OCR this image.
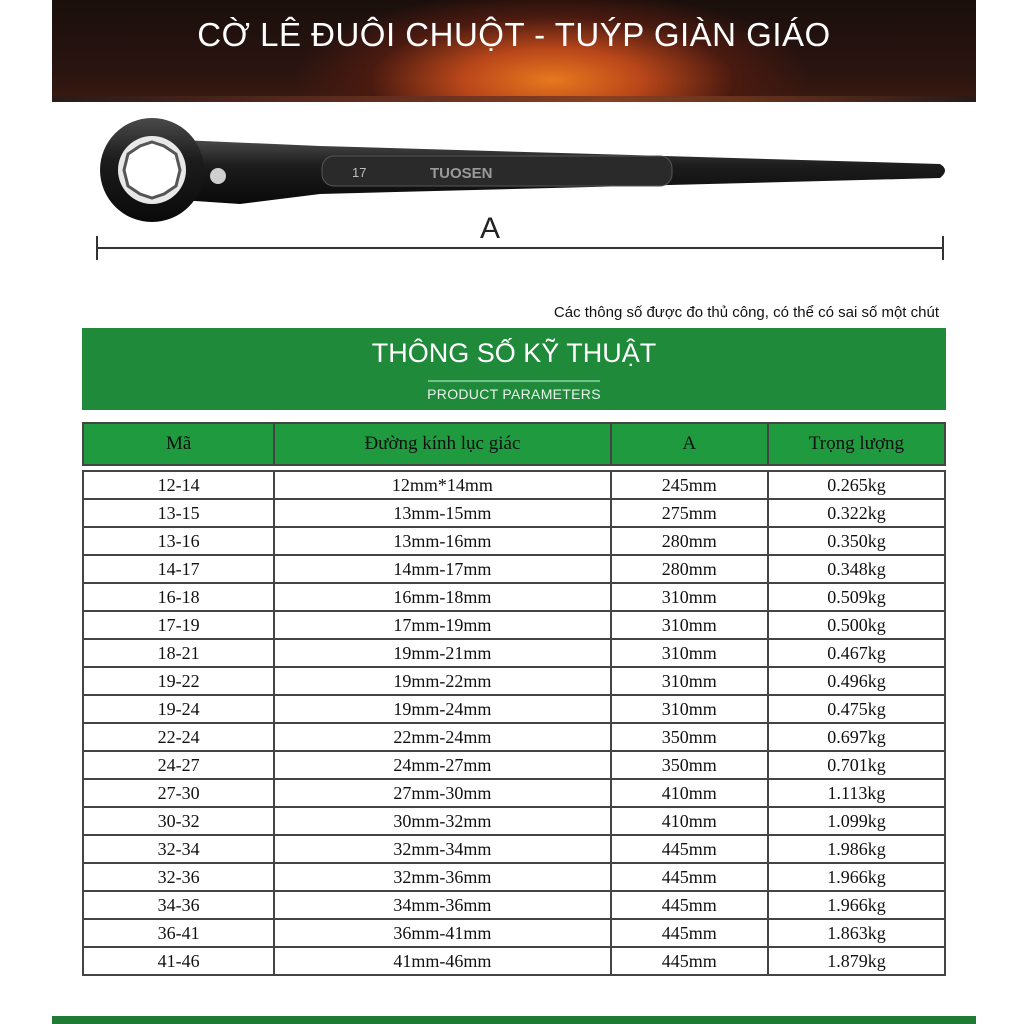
CỜ LÊ ĐUÔI CHUỘT - TUÝP GIÀN GIÁO
17	TUOSEN
A
Các thông số được đo thủ công, có thể có sai số một chút
THÔNG SỐ KỸ THUẬT
PRODUCT PARAMETERS
Mã	Đường kính lục giác	A	Trọng lượng

12-14	12mm*14mm	245mm	0.265kg
13-15	13mm-15mm	275mm	0.322kg
13-16	13mm-16mm	280mm	0.350kg
14-17	14mm-17mm	280mm	0.348kg
16-18	16mm-18mm	310mm	0.509kg
17-19	17mm-19mm	310mm	0.500kg
18-21	19mm-21mm	310mm	0.467kg
19-22	19mm-22mm	310mm	0.496kg
19-24	19mm-24mm	310mm	0.475kg
22-24	22mm-24mm	350mm	0.697kg
24-27	24mm-27mm	350mm	0.701kg
27-30	27mm-30mm	410mm	1.113kg
30-32	30mm-32mm	410mm	1.099kg
32-34	32mm-34mm	445mm	1.986kg
32-36	32mm-36mm	445mm	1.966kg
34-36	34mm-36mm	445mm	1.966kg
36-41	36mm-41mm	445mm	1.863kg
41-46	41mm-46mm	445mm	1.879kg
